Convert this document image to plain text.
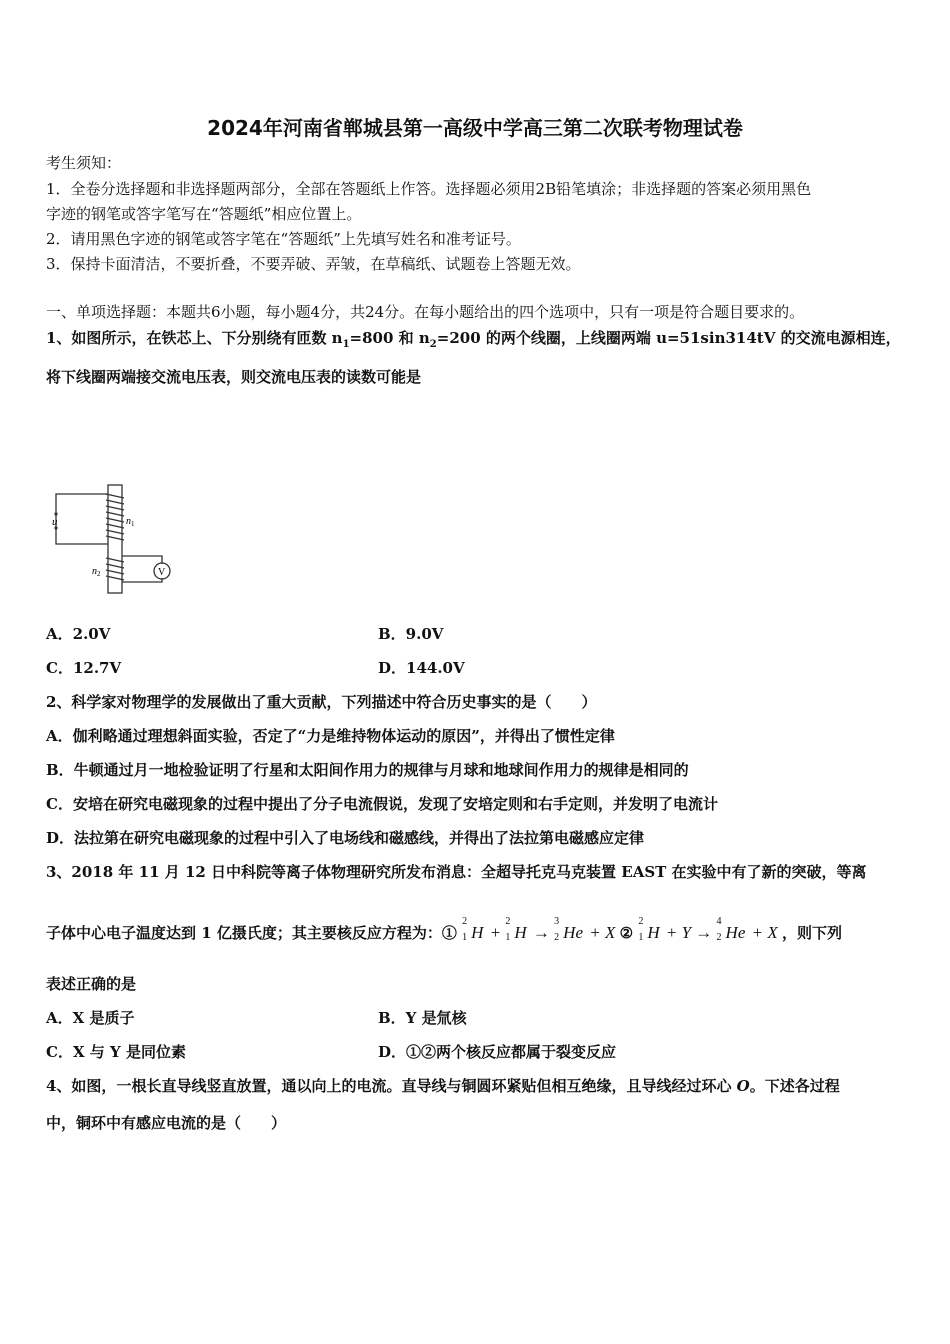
2024年河南省郸城县第一高级中学高三第二次联考物理试卷
考生须知：
1．全卷分选择题和非选择题两部分，全部在答题纸上作答。选择题必须用2B铅笔填涂；非选择题的答案必须用黑色
字迹的钢笔或答字笔写在“答题纸”相应位置上。
2．请用黑色字迹的钢笔或答字笔在“答题纸”上先填写姓名和准考证号。
3．保持卡面清洁，不要折叠，不要弄破、弄皱，在草稿纸、试题卷上答题无效。
一、单项选择题：本题共6小题，每小题4分，共24分。在每小题给出的四个选项中，只有一项是符合题目要求的。
1、如图所示，在铁芯上、下分别绕有匝数 $n_1=800$ 和 $n_2=200$ 的两个线圈，上线圈两端 u=51sin314tV 的交流电源相连，
将下线圈两端接交流电压表，则交流电压表的读数可能是
u	$n_1$
$n_2$	V
A．2.0V	B．9.0V
C．12.7V	D．144.0V
2、科学家对物理学的发展做出了重大贡献，下列描述中符合历史事实的是（　　）
A．伽利略通过理想斜面实验，否定了“力是维持物体运动的原因”，并得出了惯性定律
B．牛顿通过月一地检验证明了行星和太阳间作用力的规律与月球和地球间作用力的规律是相同的
C．安培在研究电磁现象的过程中提出了分子电流假说，发现了安培定则和右手定则，并发明了电流计
D．法拉第在研究电磁现象的过程中引入了电场线和磁感线，并得出了法拉第电磁感应定律
3、2018 年 11 月 12 日中科院等离子体物理研究所发布消息：全超导托克马克装置 EAST 在实验中有了新的突破，等离
子体中心电子温度达到 1 亿摄氏度；其主要核反应方程为：①
2
1 H +
2
1 H →
3
2 He + X ②
2
1 H + Y →
4
2 He + X ，则下列
表述正确的是
A．X 是质子	B．Y 是氚核
C．X 与 Y 是同位素	D．①②两个核反应都属于裂变反应
4、如图，一根长直导线竖直放置，通以向上的电流。直导线与铜圆环紧贴但相互绝缘，且导线经过环心 O。下述各过程
中，铜环中有感应电流的是（　　）
